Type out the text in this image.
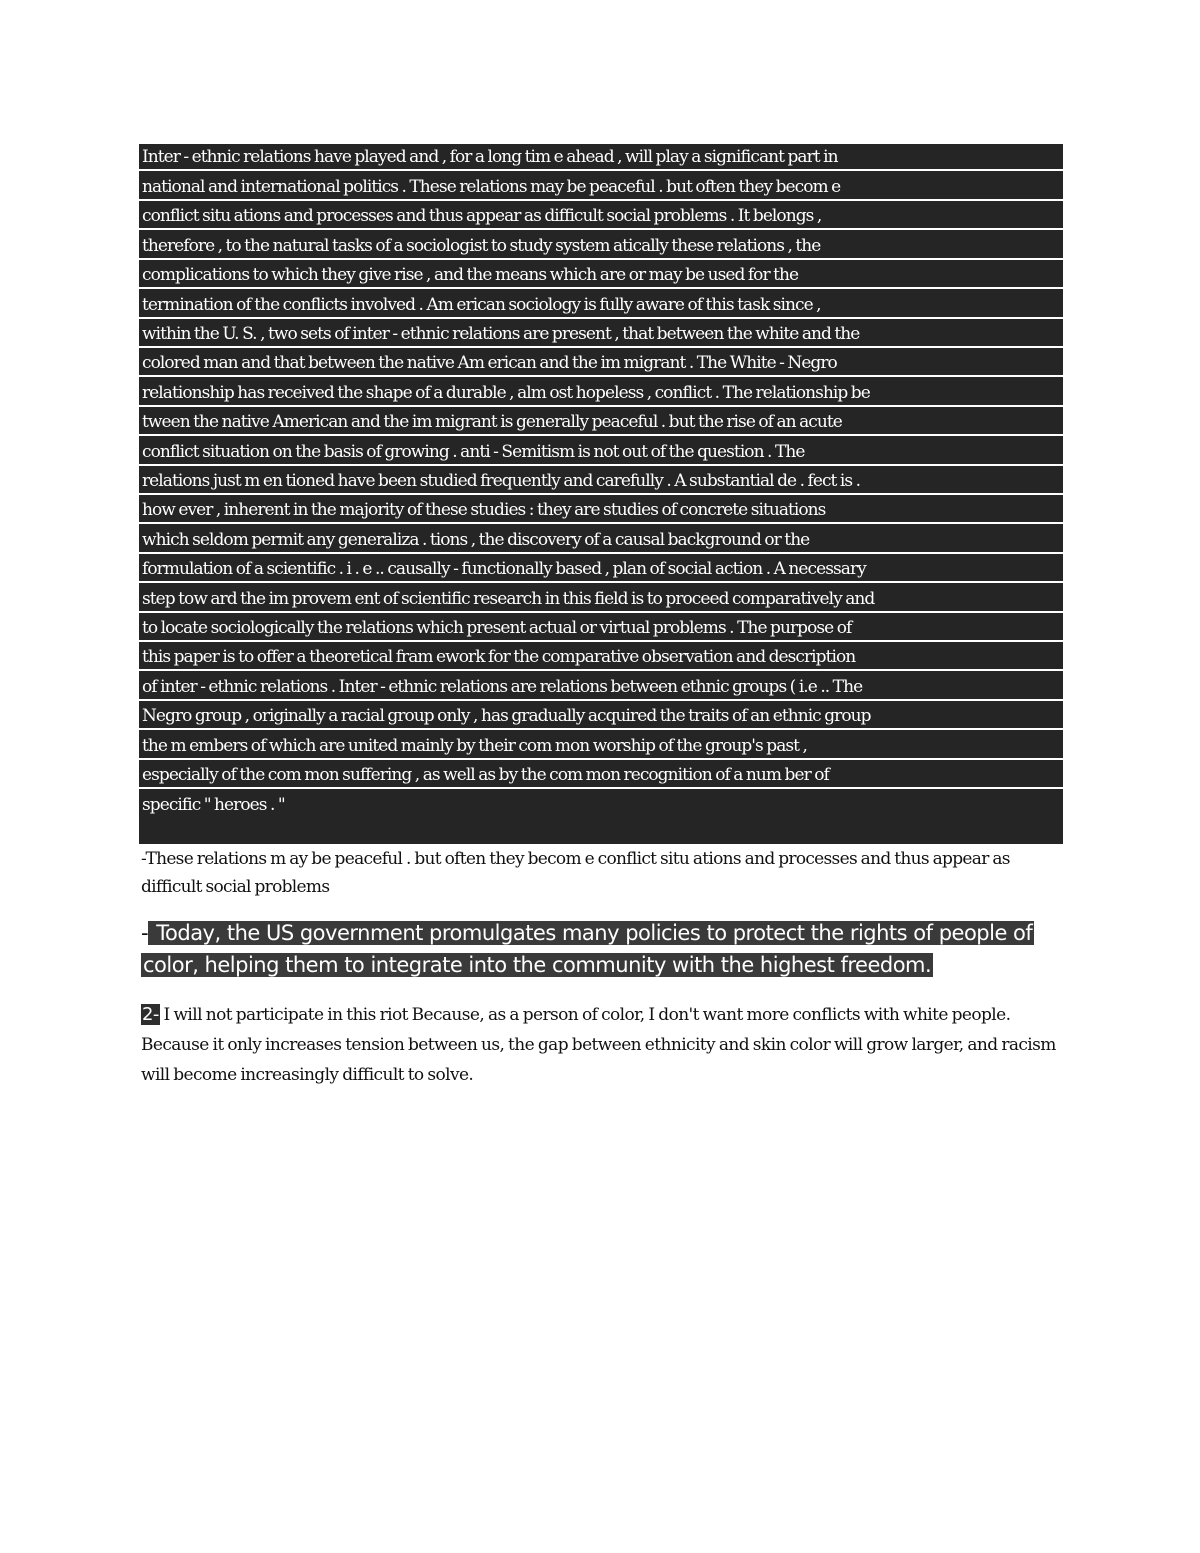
Inter - ethnic relations have played and , for a long tim e ahead , will play a significant part in
national and international politics . These relations may be peaceful . but often they becom e
conflict situ ations and processes and thus appear as difficult social problems . It belongs ,
therefore , to the natural tasks of a sociologist to study system atically these relations , the
complications to which they give rise , and the means which are or may be used for the
termination of the conflicts involved . Am erican sociology is fully aware of this task since ,
within the U. S. , two sets of inter - ethnic relations are present , that between the white and the
colored man and that between the native Am erican and the im migrant . The White - Negro
relationship has received the shape of a durable , alm ost hopeless , conflict . The relationship be
tween the native American and the im migrant is generally peaceful . but the rise of an acute
conflict situation on the basis of growing . anti - Semitism is not out of the question . The
relations just m en tioned have been studied frequently and carefully . A substantial de . fect is .
how ever , inherent in the majority of these studies : they are studies of concrete situations
which seldom permit any generaliza . tions , the discovery of a causal background or the
formulation of a scientific . i . e .. causally - functionally based , plan of social action . A necessary
step tow ard the im provem ent of scientific research in this field is to proceed comparatively and
to locate sociologically the relations which present actual or virtual problems . The purpose of
this paper is to offer a theoretical fram ework for the comparative observation and description
of inter - ethnic relations . Inter - ethnic relations are relations between ethnic groups ( i.e .. The
Negro group , originally a racial group only , has gradually acquired the traits of an ethnic group
the m embers of which are united mainly by their com mon worship of the group's past ,
especially of the com mon suffering , as well as by the com mon recognition of a num ber of
specific " heroes . "
-These relations m ay be peaceful . but often they becom e conflict situ ations and processes and thus appear as difficult social problems
- Today, the US government promulgates many policies to protect the rights of people of
color, helping them to integrate into the community with the highest freedom.
2- I will not participate in this riot Because, as a person of color, I don't want more conflicts with white people. Because it only increases tension between us, the gap between ethnicity and skin color will grow larger, and racism will become increasingly difficult to solve.
